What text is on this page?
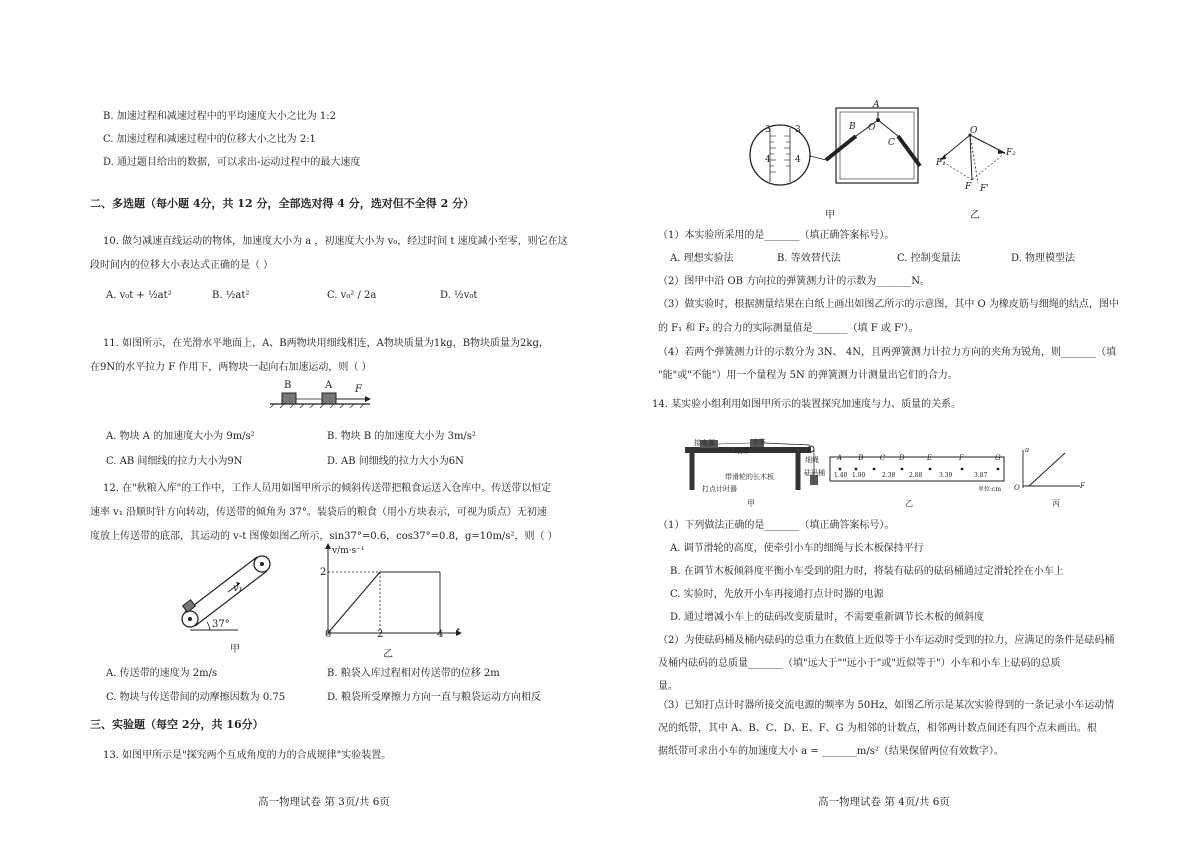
B. 加速过程和减速过程中的平均速度大小之比为 1:2
C. 加速过程和减速过程中的位移大小之比为 2:1
D. 通过题目给出的数据，可以求出-运动过程中的最大速度
二、多选题（每小题 4分，共 12 分，全部选对得 4 分，选对但不全得 2 分）
10. 做匀减速直线运动的物体，加速度大小为 a ，初速度大小为 v₀，经过时间 t 速度减小至零，则它在这
段时间内的位移大小表达式正确的是（ ）
A. v₀t + ½at²	B. ½at²	C. v₀² / 2a	D. ½v₀t
11. 如图所示，在光滑水平地面上，A、B两物块用细线相连，A物块质量为1kg，B物块质量为2kg，
在9N的水平拉力 F 作用下，两物块一起向右加速运动，则（ ）
B	A F
A. 物块 A 的加速度大小为 9m/s²	B. 物块 B 的加速度大小为 3m/s²
C. AB 间细线的拉力大小为9N	D. AB 间细线的拉力大小为6N
12. 在"秋粮入库"的工作中，工作人员用如图甲所示的倾斜传送带把粮食运送入仓库中。传送带以恒定
速率 v₁ 沿顺时针方向转动，传送带的倾角为 37°。装袋后的粮食（用小方块表示，可视为质点）无初速
度放上传送带的底部，其运动的 v-t 图像如图乙所示，sin37°=0.6，cos37°=0.8，g=10m/s²，则（ ）
v₁
37°
甲
v/m·s⁻¹
2
0	2	4 t
乙
A. 传送带的速度为 2m/s	B. 粮袋入库过程相对传送带的位移 2m
C. 物块与传送带间的动摩擦因数为 0.75	D. 粮袋所受摩擦力方向一直与粮袋运动方向相反
三、实验题（每空 2分，共 16分）
13. 如图甲所示是"探究两个互成角度的力的合成规律"实验装置。
高一物理试卷 第 3页/共 6页
3	3
4	4
A
B
C
O
甲
O
F₁
F₂
F F'
乙
（1）本实验所采用的是_______（填正确答案标号）。
A. 理想实验法	B. 等效替代法	C. 控制变量法	D. 物理模型法
（2）图甲中沿 OB 方向拉的弹簧测力计的示数为_______N。
（3）做实验时，根据测量结果在白纸上画出如图乙所示的示意图，其中 O 为橡皮筋与细绳的结点，图中
的 F₁ 和 F₂ 的合力的实际测量值是_______（填 F 或 F'）。
（4）若两个弹簧测力计的示数分为 3N、 4N，且两弹簧测力计拉力方向的夹角为锐角，则_______（填
"能"或"不能"）用一个量程为 5N 的弹簧测力计测量出它们的合力。
14. 某实验小组利用如图甲所示的装置探究加速度与力、质量的关系。
接电源
纸带
小车
带滑轮的长木板
打点计时器
细绳
砝码桶
甲
A B C D	E	F	G
1.40 1.90	2.38 2.88	3.39	3.87
单位:cm
乙
a
O	F
丙
（1）下列做法正确的是_______（填正确答案标号）。
A. 调节滑轮的高度，使牵引小车的细绳与长木板保持平行
B. 在调节木板倾斜度平衡小车受到的阻力时，将装有砝码的砝码桶通过定滑轮拴在小车上
C. 实验时，先放开小车再接通打点计时器的电源
D. 通过增减小车上的砝码改变质量时，不需要重新调节长木板的倾斜度
（2）为使砝码桶及桶内砝码的总重力在数值上近似等于小车运动时受到的拉力，应满足的条件是砝码桶
及桶内砝码的总质量_______（填"远大于""远小于"或"近似等于"）小车和小车上砝码的总质
量。
（3）已知打点计时器所接交流电源的频率为 50Hz，如图乙所示是某次实验得到的一条记录小车运动情
况的纸带，其中 A、B、C、D、E、F、G 为相邻的计数点，相邻两计数点间还有四个点未画出。根
据纸带可求出小车的加速度大小 a = _______m/s²（结果保留两位有效数字）。
高一物理试卷 第 4页/共 6页
